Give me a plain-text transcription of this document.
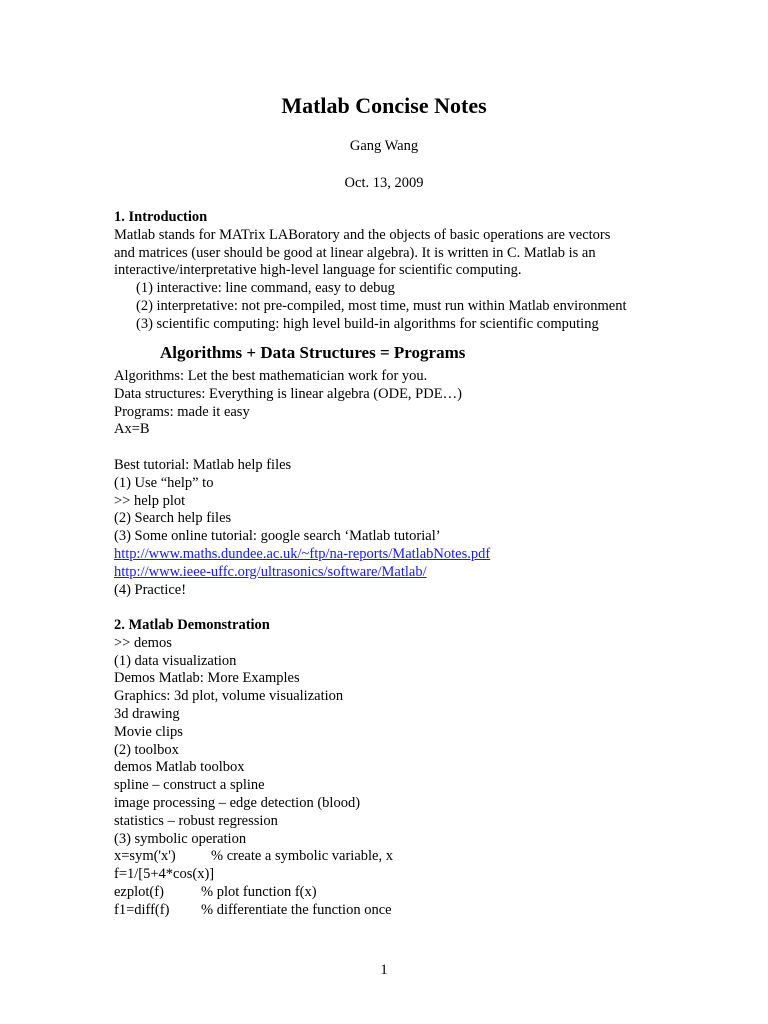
Matlab Concise Notes
Gang Wang
Oct. 13, 2009
1. Introduction
Matlab stands for MATrix LABoratory and the objects of basic operations are vectors
and matrices (user should be good at linear algebra). It is written in C. Matlab is an
interactive/interpretative high-level language for scientific computing.
(1) interactive: line command, easy to debug
(2) interpretative: not pre-compiled, most time, must run within Matlab environment
(3) scientific computing: high level build-in algorithms for scientific computing
Algorithms + Data Structures = Programs
Algorithms: Let the best mathematician work for you.
Data structures: Everything is linear algebra (ODE, PDE…)
Programs: made it easy
Ax=B
Best tutorial: Matlab help files
(1) Use “help” to
>> help plot
(2) Search help files
(3) Some online tutorial: google search ‘Matlab tutorial’
http://www.maths.dundee.ac.uk/~ftp/na-reports/MatlabNotes.pdf
http://www.ieee-uffc.org/ultrasonics/software/Matlab/
(4) Practice!
2. Matlab Demonstration
>> demos
(1) data visualization
Demos Matlab: More Examples
Graphics: 3d plot, volume visualization
3d drawing
Movie clips
(2) toolbox
demos Matlab toolbox
spline – construct a spline
image processing – edge detection (blood)
statistics – robust regression
(3) symbolic operation
x=sym('x') % create a symbolic variable, x
f=1/[5+4*cos(x)]
ezplot(f)	% plot function f(x)
f1=diff(f) % differentiate the function once
1
